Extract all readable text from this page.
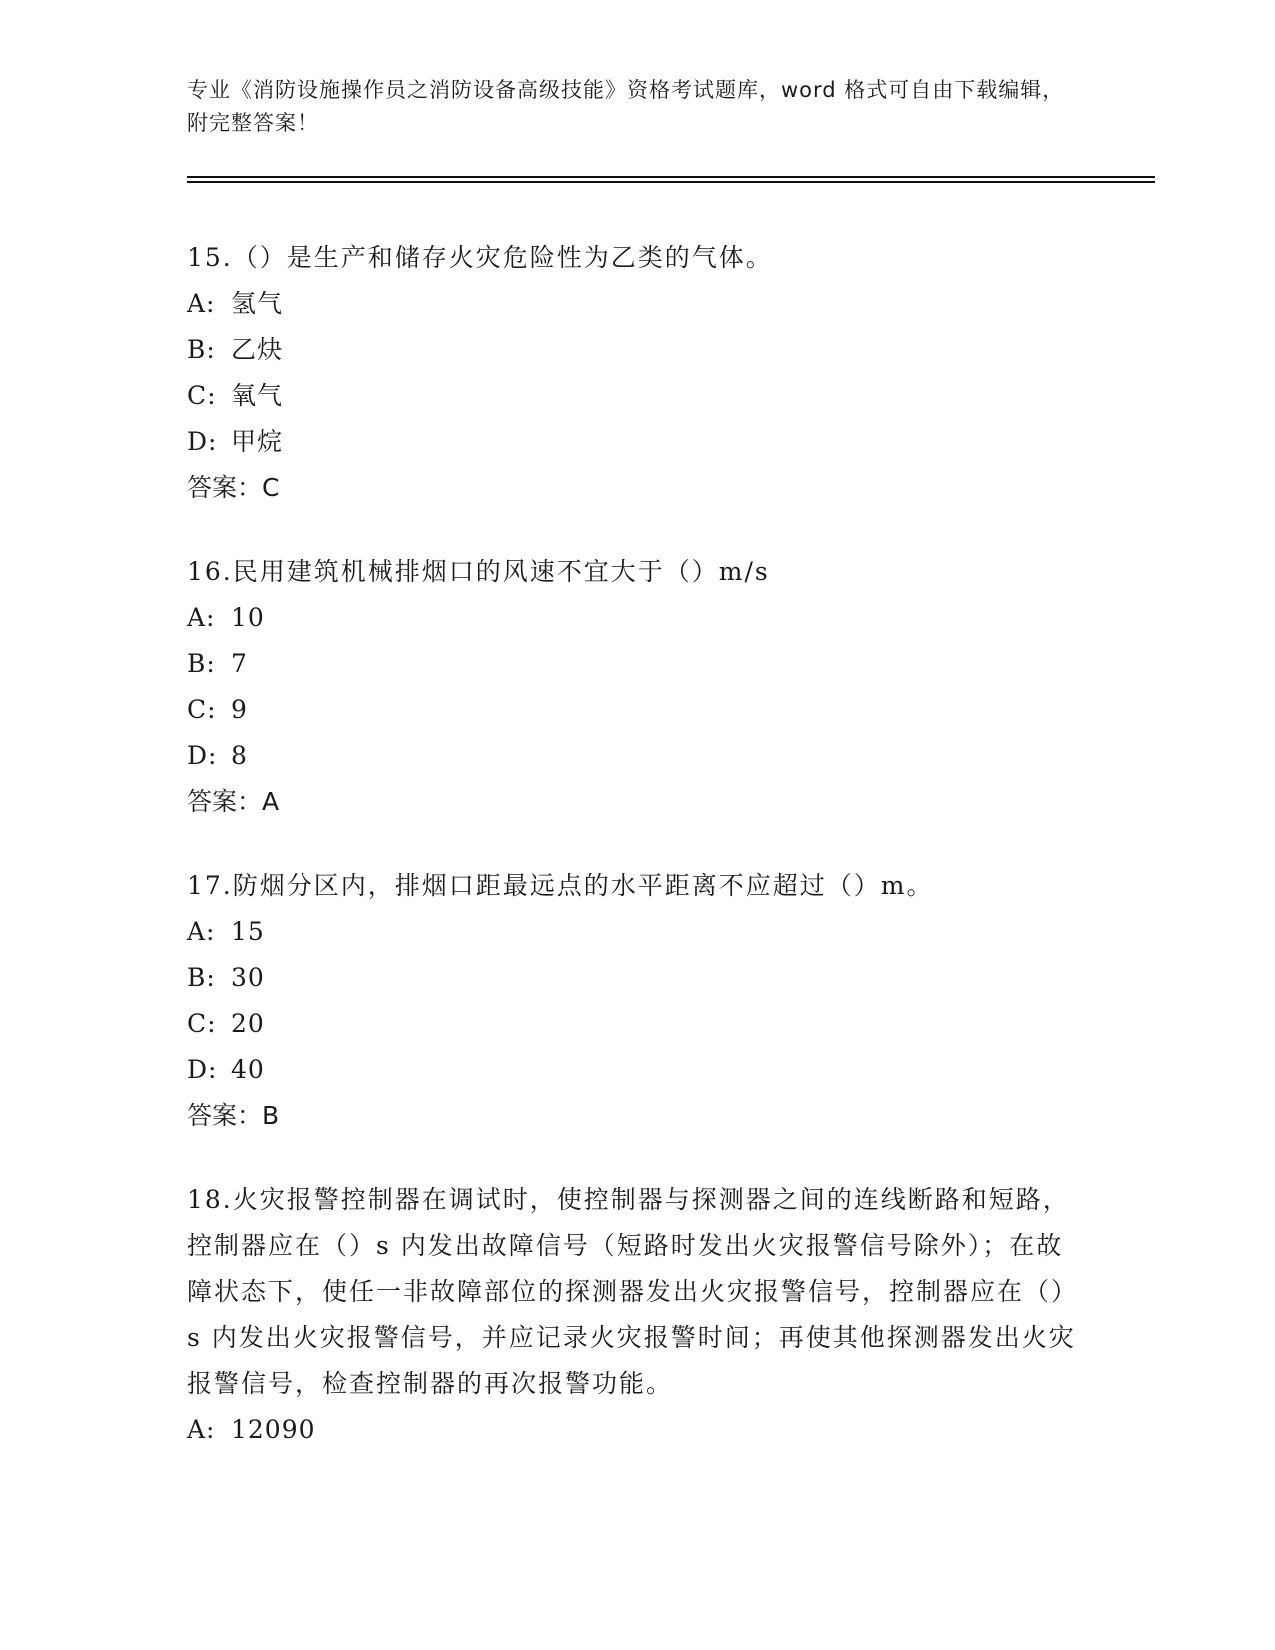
专业《消防设施操作员之消防设备高级技能》资格考试题库，word 格式可自由下载编辑，附完整答案！

15.（）是生产和储存火灾危险性为乙类的气体。

A: 氢气

B: 乙炔

C: 氧气

D: 甲烷

答案：C

16.民用建筑机械排烟口的风速不宜大于（）m/s

A: 10

B: 7

C: 9

D: 8

答案：A

17.防烟分区内，排烟口距最远点的水平距离不应超过（）m。

A: 15

B: 30

C: 20

D: 40

答案：B

18.火灾报警控制器在调试时，使控制器与探测器之间的连线断路和短路，控制器应在（）s 内发出故障信号（短路时发出火灾报警信号除外）；在故障状态下，使任一非故障部位的探测器发出火灾报警信号，控制器应在（）s 内发出火灾报警信号，并应记录火灾报警时间；再使其他探测器发出火灾报警信号，检查控制器的再次报警功能。

A: 12090
